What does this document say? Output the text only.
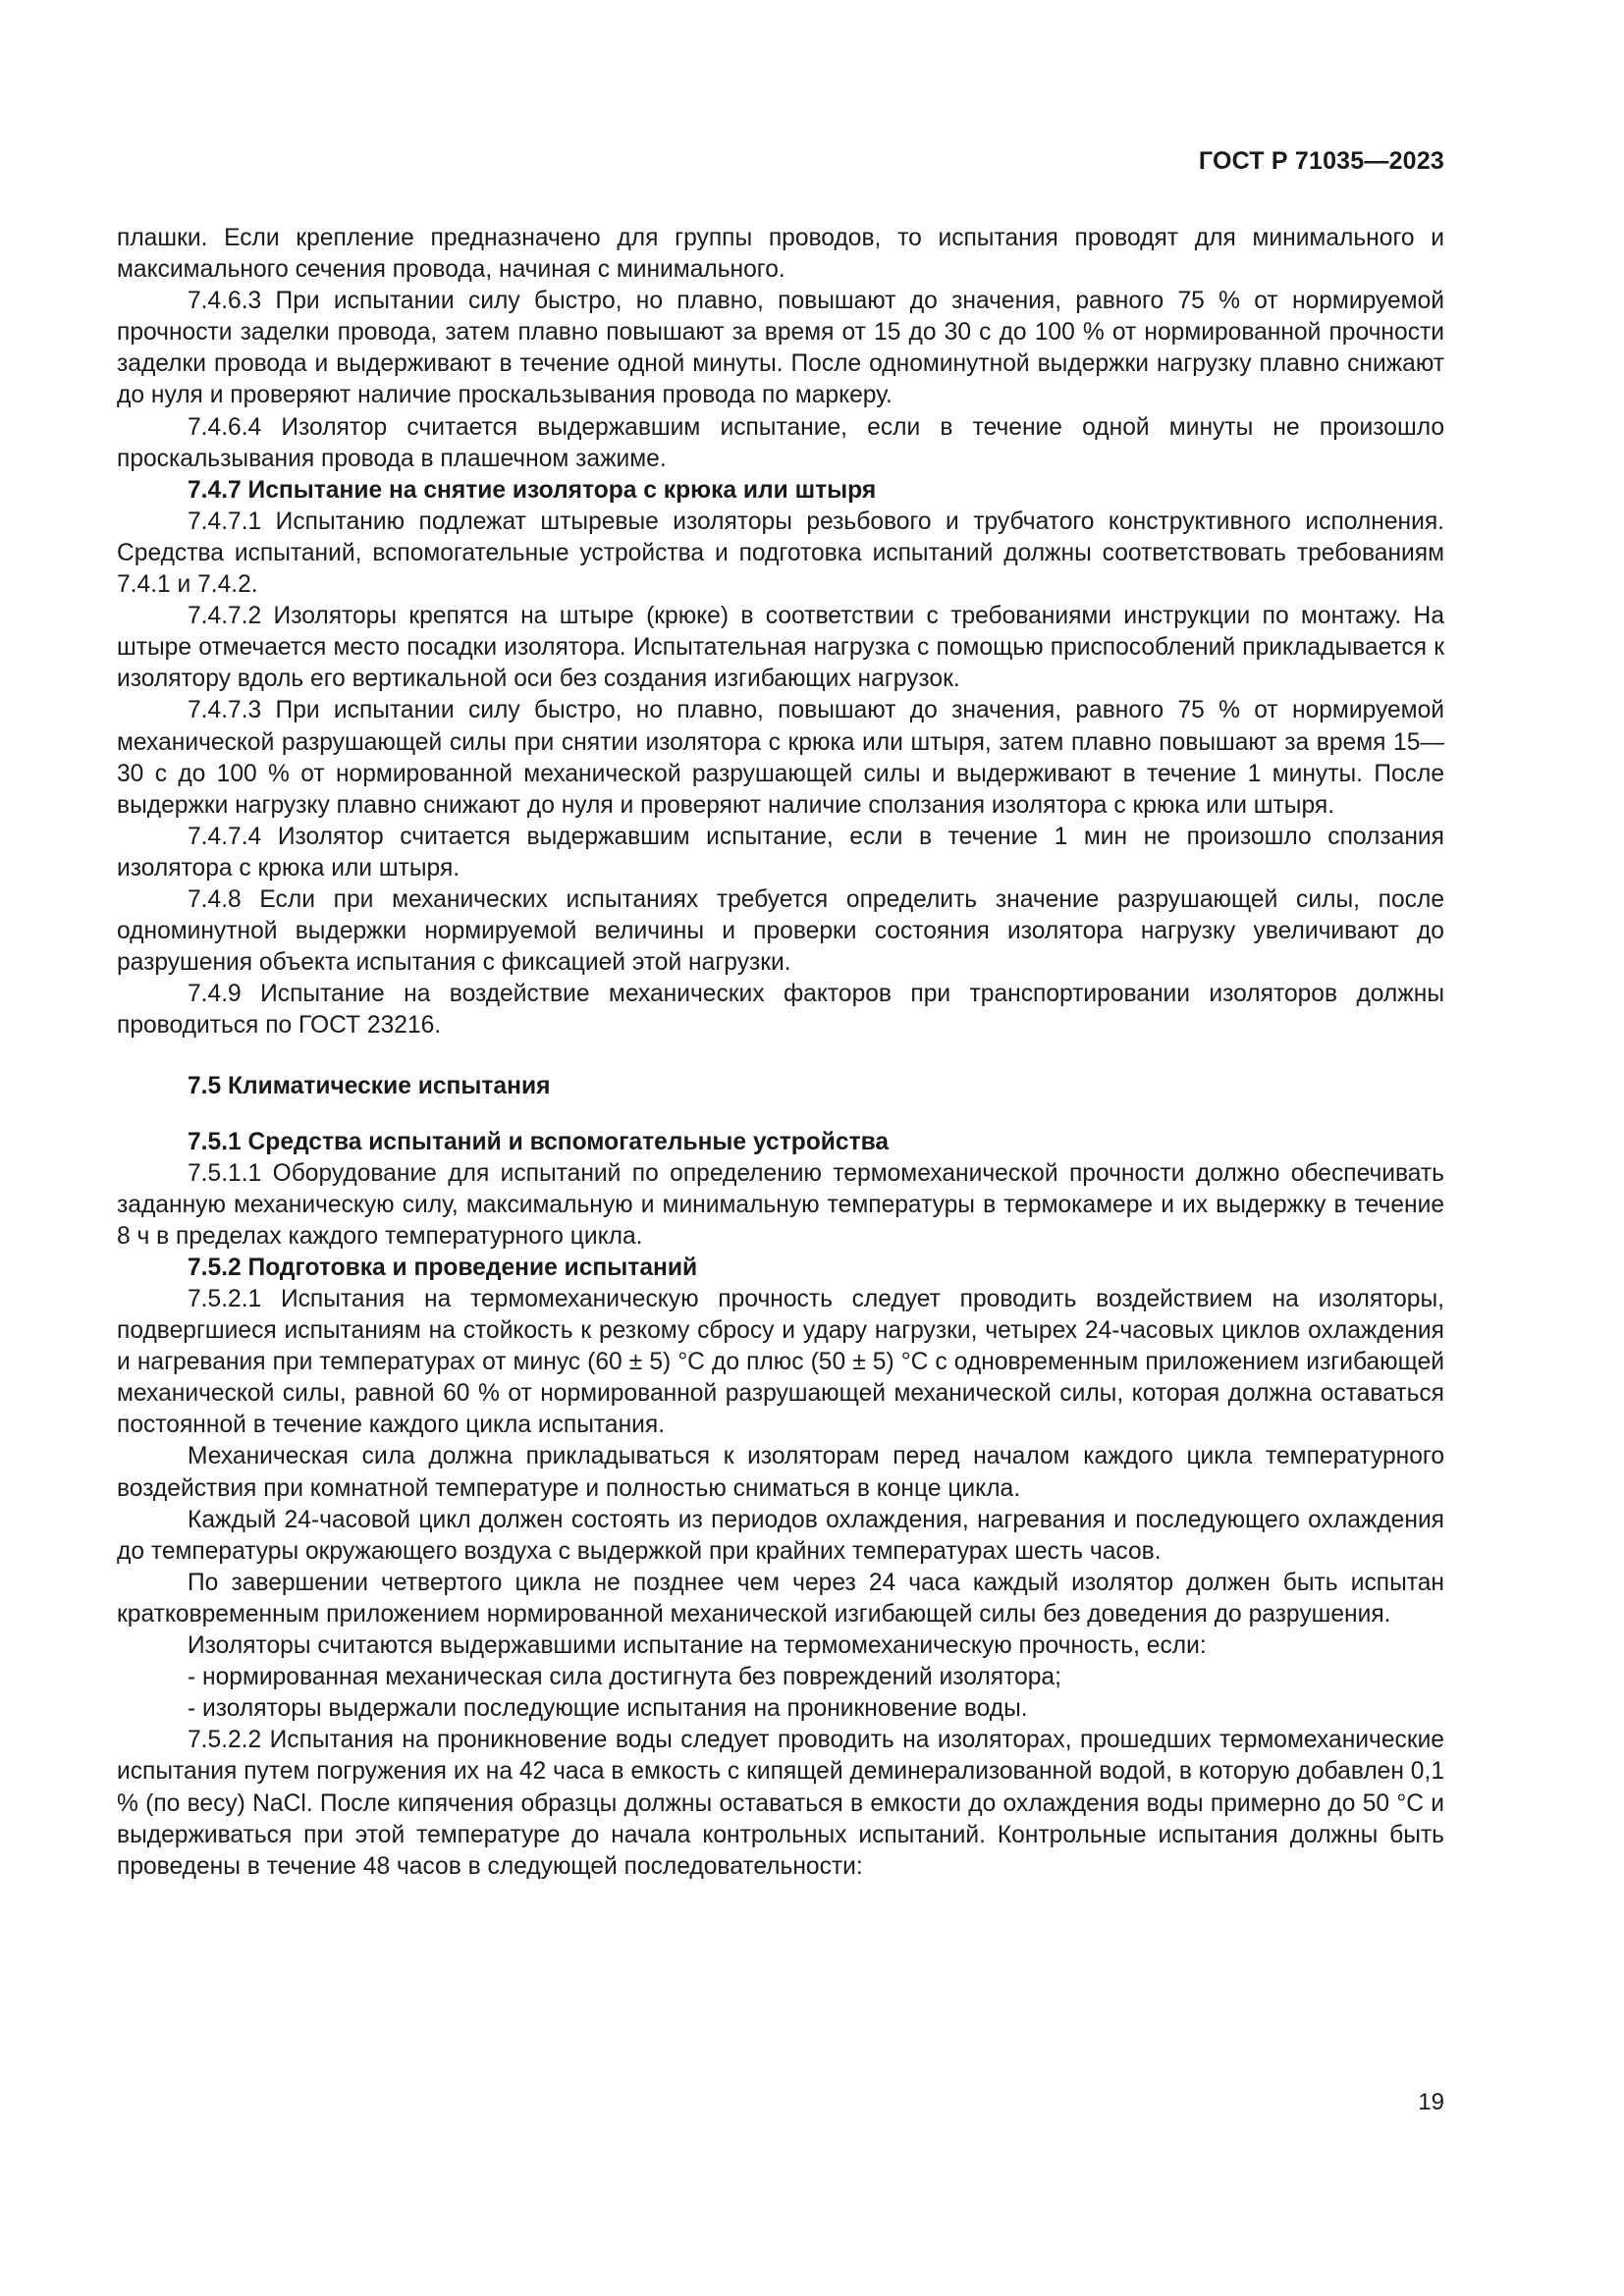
ГОСТ Р 71035—2023

плашки. Если крепление предназначено для группы проводов, то испытания проводят для минимального и максимального сечения провода, начиная с минимального.

7.4.6.3 При испытании силу быстро, но плавно, повышают до значения, равного 75 % от нормируемой прочности заделки провода, затем плавно повышают за время от 15 до 30 с до 100 % от нормированной прочности заделки провода и выдерживают в течение одной минуты. После одноминутной выдержки нагрузку плавно снижают до нуля и проверяют наличие проскальзывания провода по маркеру.

7.4.6.4 Изолятор считается выдержавшим испытание, если в течение одной минуты не произошло проскальзывания провода в плашечном зажиме.

7.4.7 Испытание на снятие изолятора с крюка или штыря

7.4.7.1 Испытанию подлежат штыревые изоляторы резьбового и трубчатого конструктивного исполнения. Средства испытаний, вспомогательные устройства и подготовка испытаний должны соответствовать требованиям 7.4.1 и 7.4.2.

7.4.7.2 Изоляторы крепятся на штыре (крюке) в соответствии с требованиями инструкции по монтажу. На штыре отмечается место посадки изолятора. Испытательная нагрузка с помощью приспособлений прикладывается к изолятору вдоль его вертикальной оси без создания изгибающих нагрузок.

7.4.7.3 При испытании силу быстро, но плавно, повышают до значения, равного 75 % от нормируемой механической разрушающей силы при снятии изолятора с крюка или штыря, затем плавно повышают за время 15—30 с до 100 % от нормированной механической разрушающей силы и выдерживают в течение 1 минуты. После выдержки нагрузку плавно снижают до нуля и проверяют наличие сползания изолятора с крюка или штыря.

7.4.7.4 Изолятор считается выдержавшим испытание, если в течение 1 мин не произошло сползания изолятора с крюка или штыря.

7.4.8 Если при механических испытаниях требуется определить значение разрушающей силы, после одноминутной выдержки нормируемой величины и проверки состояния изолятора нагрузку увеличивают до разрушения объекта испытания с фиксацией этой нагрузки.

7.4.9 Испытание на воздействие механических факторов при транспортировании изоляторов должны проводиться по ГОСТ 23216.

7.5 Климатические испытания

7.5.1 Средства испытаний и вспомогательные устройства

7.5.1.1 Оборудование для испытаний по определению термомеханической прочности должно обеспечивать заданную механическую силу, максимальную и минимальную температуры в термокамере и их выдержку в течение 8 ч в пределах каждого температурного цикла.

7.5.2 Подготовка и проведение испытаний

7.5.2.1 Испытания на термомеханическую прочность следует проводить воздействием на изоляторы, подвергшиеся испытаниям на стойкость к резкому сбросу и удару нагрузки, четырех 24-часовых циклов охлаждения и нагревания при температурах от минус (60 ± 5) °С до плюс (50 ± 5) °С с одновременным приложением изгибающей механической силы, равной 60 % от нормированной разрушающей механической силы, которая должна оставаться постоянной в течение каждого цикла испытания.

Механическая сила должна прикладываться к изоляторам перед началом каждого цикла температурного воздействия при комнатной температуре и полностью сниматься в конце цикла.

Каждый 24-часовой цикл должен состоять из периодов охлаждения, нагревания и последующего охлаждения до температуры окружающего воздуха с выдержкой при крайних температурах шесть часов.

По завершении четвертого цикла не позднее чем через 24 часа каждый изолятор должен быть испытан кратковременным приложением нормированной механической изгибающей силы без доведения до разрушения.

Изоляторы считаются выдержавшими испытание на термомеханическую прочность, если:

- нормированная механическая сила достигнута без повреждений изолятора;

- изоляторы выдержали последующие испытания на проникновение воды.

7.5.2.2 Испытания на проникновение воды следует проводить на изоляторах, прошедших термомеханические испытания путем погружения их на 42 часа в емкость с кипящей деминерализованной водой, в которую добавлен 0,1 % (по весу) NaCl. После кипячения образцы должны оставаться в емкости до охлаждения воды примерно до 50 °С и выдерживаться при этой температуре до начала контрольных испытаний. Контрольные испытания должны быть проведены в течение 48 часов в следующей последовательности:

19
